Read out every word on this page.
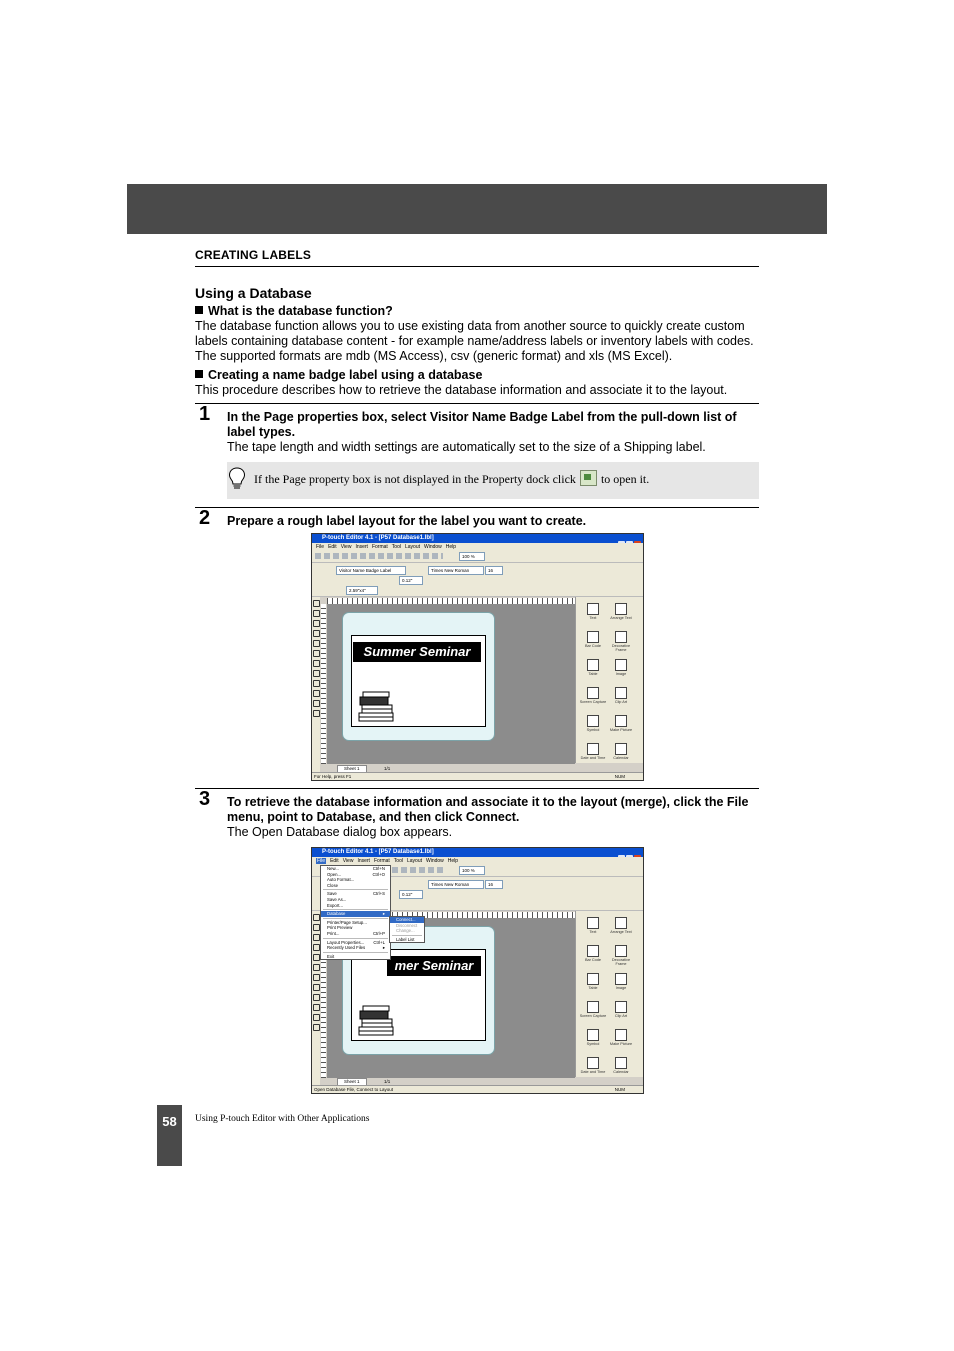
CREATING LABELS
Using a Database
What is the database function?
The database function allows you to use existing data from another source to quickly create custom labels containing database content - for example name/address labels or inventory labels with codes. The supported formats are mdb (MS Access), csv (generic format) and xls (MS Excel).
Creating a name badge label using a database
This procedure describes how to retrieve the database information and associate it to the layout.
1 In the Page properties box, select Visitor Name Badge Label from the pull-down list of label types.
The tape length and width settings are automatically set to the size of a Shipping label.
If the Page property box is not displayed in the Property dock click to open it.
2 Prepare a rough label layout for the label you want to create.
P-touch Editor 4.1 - [P57 Database1.lbl]
File Edit View Insert Format Tool Layout Window Help
100 %
Visitor Name Badge Label	Times New Roman	16
0.12"
2.59"x4"
Summer Seminar
Text	Arrange Text
Bar Code	Decorative Frame
Table	Image
Screen Capture	Clip Art
Symbol	Make Picture
Date and Time	Calendar
Sheet 1	1/1
For Help, press F1	NUM
3 To retrieve the database information and associate it to the layout (merge), click the File menu, point to Database, and then click Connect.
The Open Database dialog box appears.
P-touch Editor 4.1 - [P57 Database1.lbl]
File Edit View Insert Format Tool Layout Window Help
100 %
Times New Roman	16
0.12"
mer Seminar
Text	Arrange Text
Bar Code	Decorative Frame
Table	Image
Screen Capture	Clip Art
Symbol	Make Picture
Date and Time	Calendar
New...	Ctrl+N
Open...	Ctrl+O
Auto Format...
Close
Save	Ctrl+S
Save As...
Export...
Database	▸
Printer/Page Setup...
Print Preview
Print...	Ctrl+P
Layout Properties... Ctrl+L
Recently Used Files	▸
Exit
Connect...
Disconnect
Change...
Label List
Sheet 1	1/1
Open Database File, Connect to Layout	NUM
58	Using P-touch Editor with Other Applications
